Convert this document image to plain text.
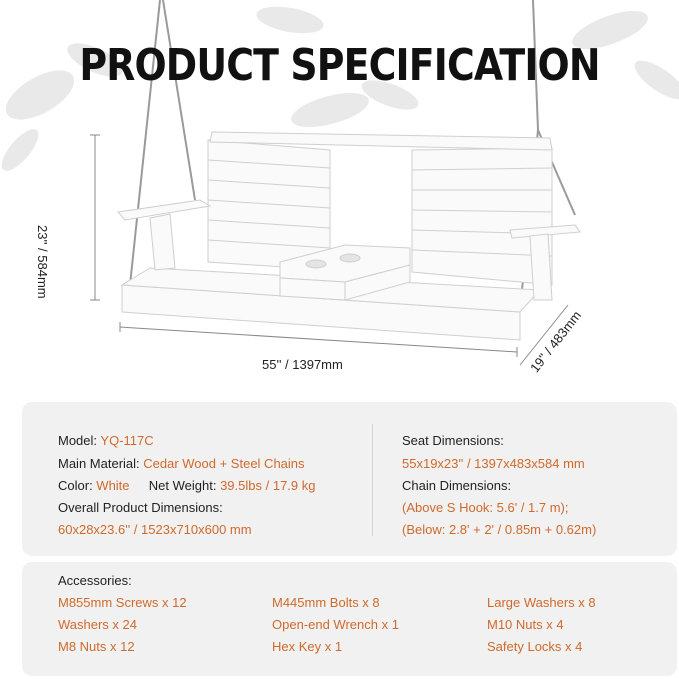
PRODUCT SPECIFICATION
23'' / 584mm
55'' / 1397mm	19'' / 483mm
Model: YQ-117C
Main Material: Cedar Wood + Steel Chains
Color: White Net Weight: 39.5lbs / 17.9 kg
Overall Product Dimensions:
60x28x23.6'' / 1523x710x600 mm
Seat Dimensions:
55x19x23'' / 1397x483x584 mm
Chain Dimensions:
(Above S Hook: 5.6' / 1.7 m);
(Below: 2.8' + 2' / 0.85m + 0.62m)
Accessories:
M855mm Screws x 12	M445mm Bolts x 8	Large Washers x 8
Washers x 24	Open-end Wrench x 1	M10 Nuts x 4
M8 Nuts x 12	Hex Key x 1	Safety Locks x 4
